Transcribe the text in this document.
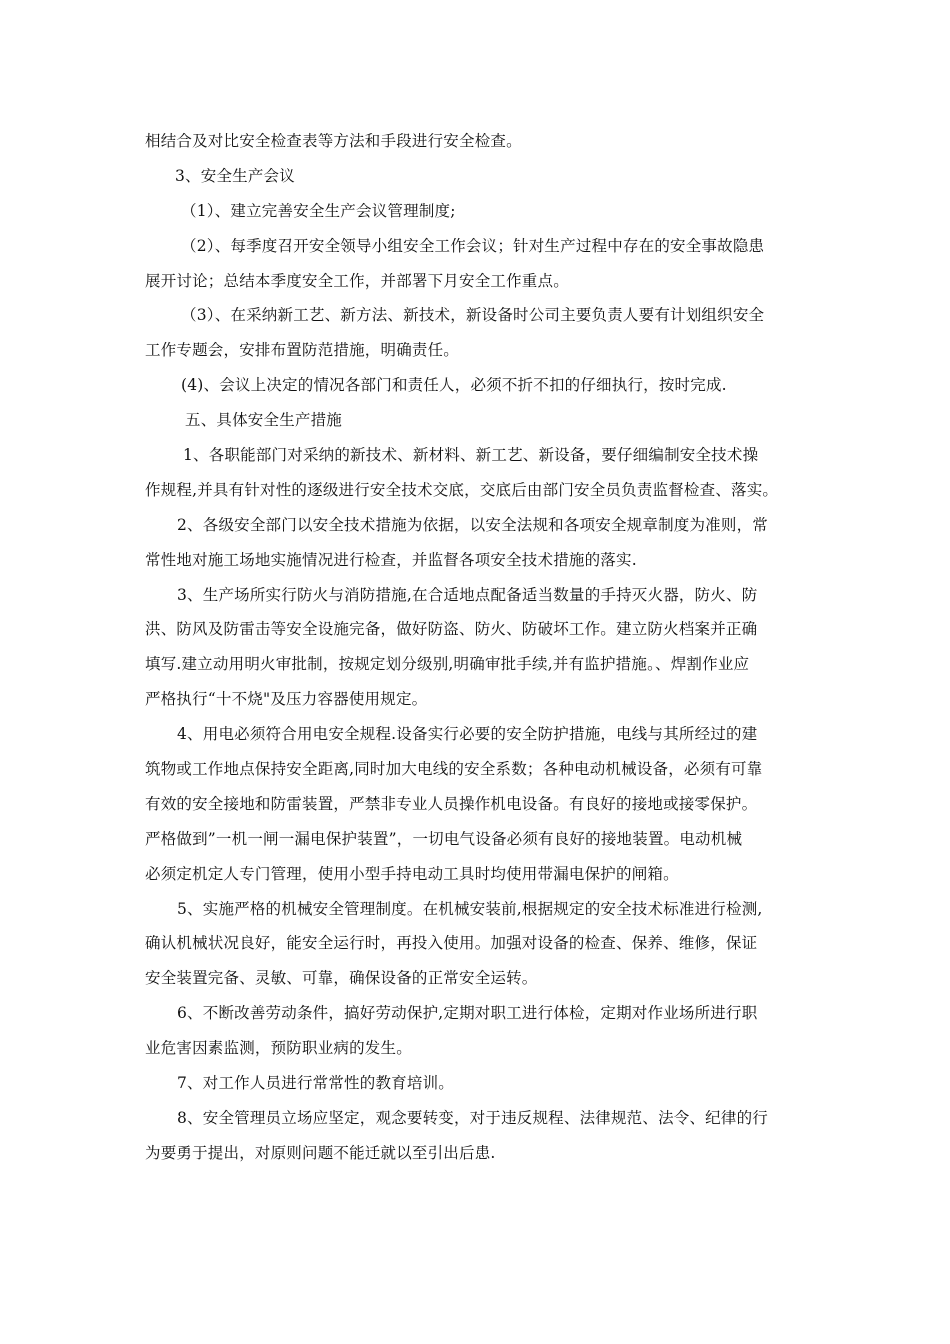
相结合及对比安全检查表等方法和手段进行安全检查。
3、安全生产会议
（1）、建立完善安全生产会议管理制度;
（2）、每季度召开安全领导小组安全工作会议；针对生产过程中存在的安全事故隐患
展开讨论；总结本季度安全工作，并部署下月安全工作重点。
（3）、在采纳新工艺、新方法、新技术，新设备时公司主要负责人要有计划组织安全
工作专题会，安排布置防范措施，明确责任。
(4)、会议上决定的情况各部门和责任人，必须不折不扣的仔细执行，按时完成.
五、具体安全生产措施
1、各职能部门对采纳的新技术、新材料、新工艺、新设备，要仔细编制安全技术操
作规程,并具有针对性的逐级进行安全技术交底，交底后由部门安全员负责监督检查、落实。
2、各级安全部门以安全技术措施为依据，以安全法规和各项安全规章制度为准则，常
常性地对施工场地实施情况进行检查，并监督各项安全技术措施的落实.
3、生产场所实行防火与消防措施,在合适地点配备适当数量的手持灭火器，防火、防
洪、防风及防雷击等安全设施完备，做好防盗、防火、防破坏工作。建立防火档案并正确
填写.建立动用明火审批制，按规定划分级别,明确审批手续,并有监护措施。、焊割作业应
严格执行“十不烧"及压力容器使用规定。
4、用电必须符合用电安全规程.设备实行必要的安全防护措施，电线与其所经过的建
筑物或工作地点保持安全距离,同时加大电线的安全系数；各种电动机械设备，必须有可靠
有效的安全接地和防雷装置，严禁非专业人员操作机电设备。有良好的接地或接零保护。
严格做到”一机一闸一漏电保护装置”，一切电气设备必须有良好的接地装置。电动机械
必须定机定人专门管理，使用小型手持电动工具时均使用带漏电保护的闸箱。
5、实施严格的机械安全管理制度。在机械安装前,根据规定的安全技术标准进行检测,
确认机械状况良好，能安全运行时，再投入使用。加强对设备的检查、保养、维修，保证
安全装置完备、灵敏、可靠，确保设备的正常安全运转。
6、不断改善劳动条件，搞好劳动保护,定期对职工进行体检，定期对作业场所进行职
业危害因素监测，预防职业病的发生。
7、对工作人员进行常常性的教育培训。
8、安全管理员立场应坚定，观念要转变，对于违反规程、法律规范、法令、纪律的行
为要勇于提出，对原则问题不能迁就以至引出后患.
